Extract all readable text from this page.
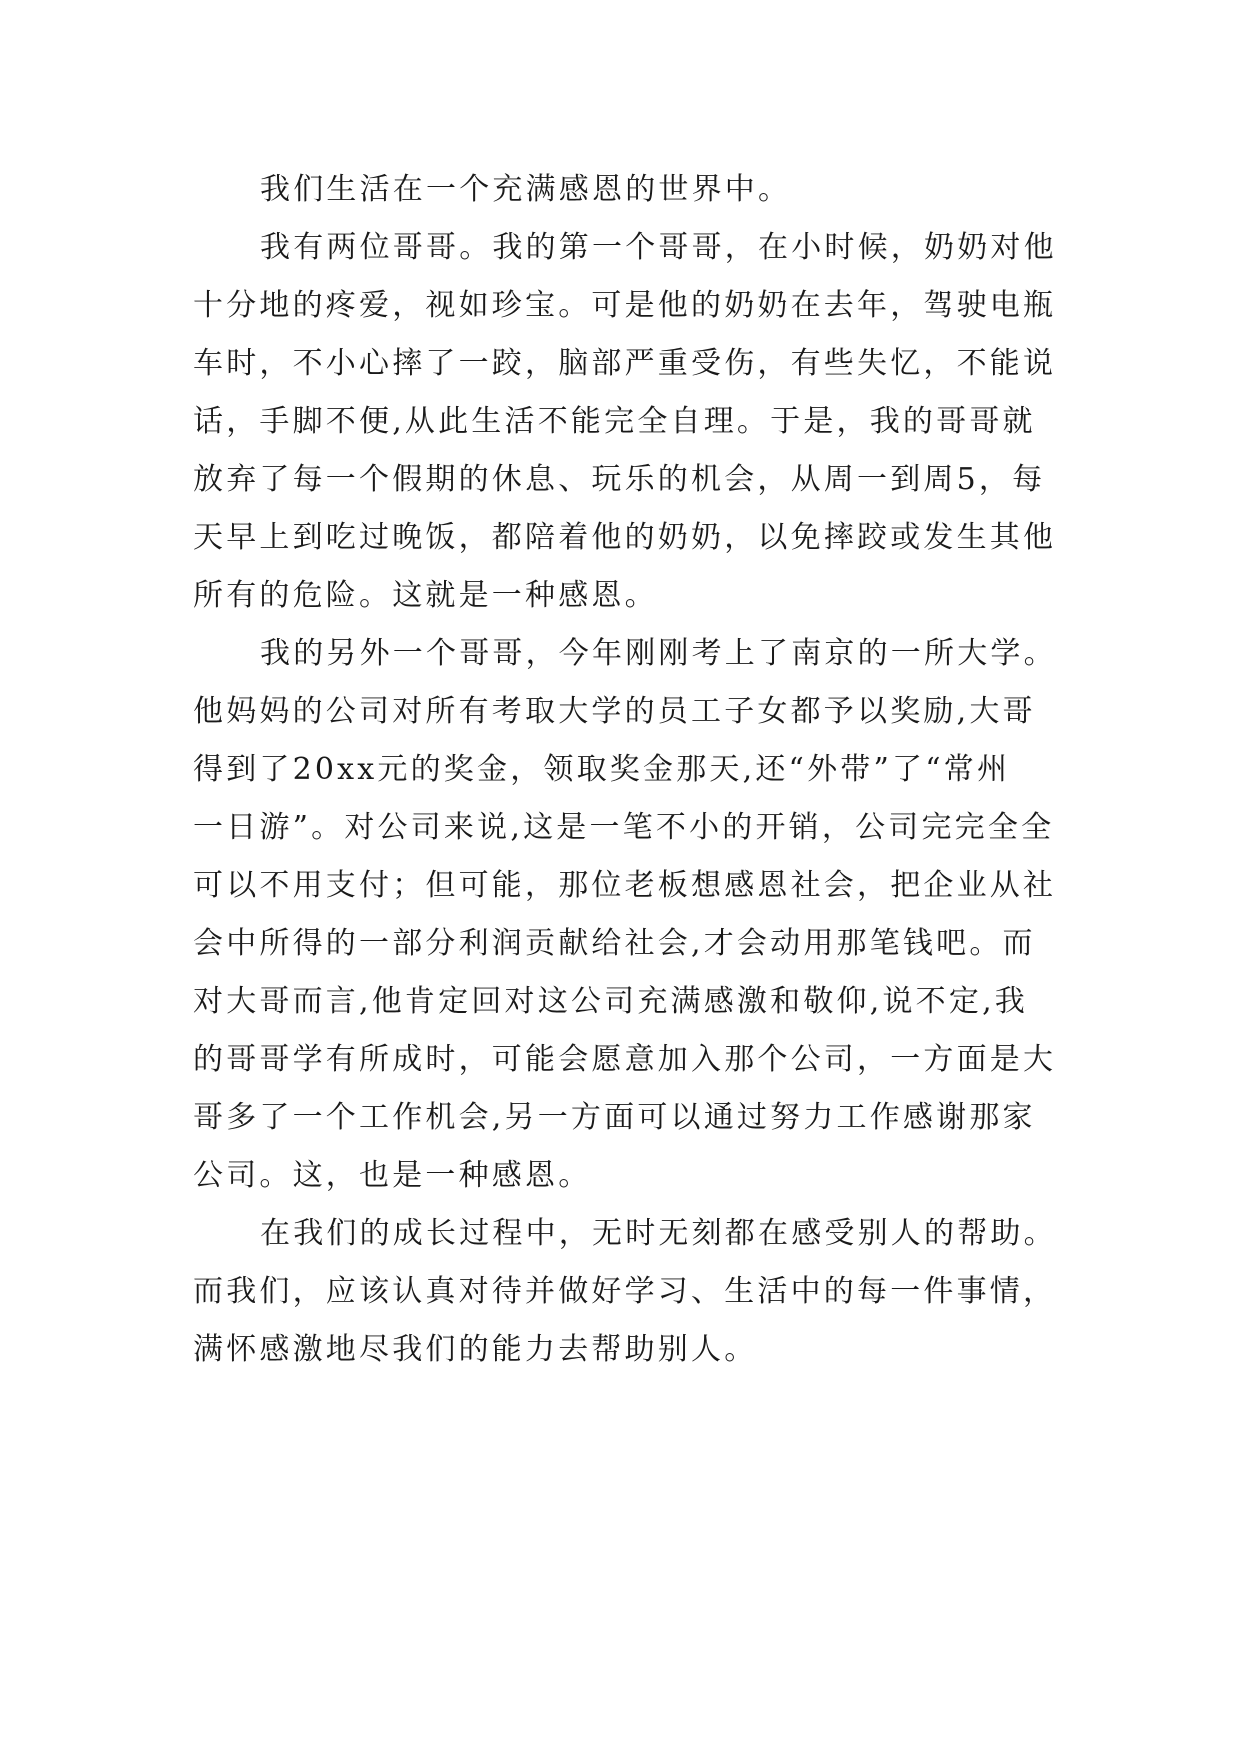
我们生活在一个充满感恩的世界中。
我有两位哥哥。我的第一个哥哥，在小时候，奶奶对他
十分地的疼爱，视如珍宝。可是他的奶奶在去年，驾驶电瓶
车时，不小心摔了一跤，脑部严重受伤，有些失忆，不能说
话，手脚不便,从此生活不能完全自理。于是，我的哥哥就
放弃了每一个假期的休息、玩乐的机会，从周一到周5，每
天早上到吃过晚饭，都陪着他的奶奶，以免摔跤或发生其他
所有的危险。这就是一种感恩。
我的另外一个哥哥，今年刚刚考上了南京的一所大学。
他妈妈的公司对所有考取大学的员工子女都予以奖励,大哥
得到了20xx元的奖金，领取奖金那天,还“外带”了“常州
一日游”。对公司来说,这是一笔不小的开销，公司完完全全
可以不用支付；但可能，那位老板想感恩社会，把企业从社
会中所得的一部分利润贡献给社会,才会动用那笔钱吧。而
对大哥而言,他肯定回对这公司充满感激和敬仰,说不定,我
的哥哥学有所成时，可能会愿意加入那个公司，一方面是大
哥多了一个工作机会,另一方面可以通过努力工作感谢那家
公司。这，也是一种感恩。
在我们的成长过程中，无时无刻都在感受别人的帮助。
而我们，应该认真对待并做好学习、生活中的每一件事情，
满怀感激地尽我们的能力去帮助别人。
